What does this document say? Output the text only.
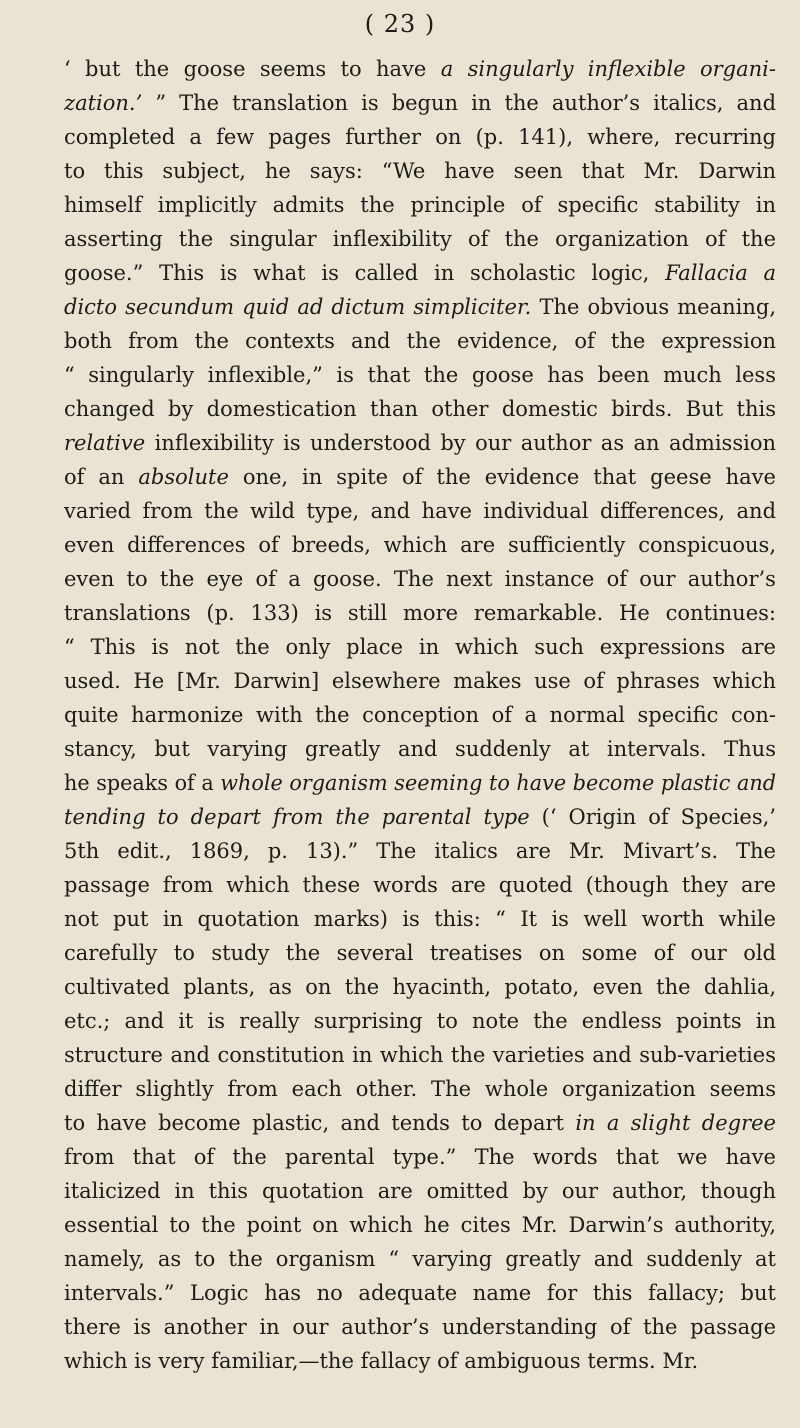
( 23 )
‘ but the goose seems to have a singularly inflexible organi-
zation.’ ” The translation is begun in the author’s italics, and
completed a few pages further on (p. 141), where, recurring
to this subject, he says: “We have seen that Mr. Darwin
himself implicitly admits the principle of specific stability in
asserting the singular inflexibility of the organization of the
goose.” This is what is called in scholastic logic, Fallacia a
dicto secundum quid ad dictum simpliciter. The obvious meaning,
both from the contexts and the evidence, of the expression
“ singularly inflexible,” is that the goose has been much less
changed by domestication than other domestic birds. But this
relative inflexibility is understood by our author as an admission
of an absolute one, in spite of the evidence that geese have
varied from the wild type, and have individual differences, and
even differences of breeds, which are sufficiently conspicuous,
even to the eye of a goose. The next instance of our author’s
translations (p. 133) is still more remarkable. He continues:
“ This is not the only place in which such expressions are
used. He [Mr. Darwin] elsewhere makes use of phrases which
quite harmonize with the conception of a normal specific con-
stancy, but varying greatly and suddenly at intervals. Thus
he speaks of a whole organism seeming to have become plastic and
tending to depart from the parental type (‘ Origin of Species,’
5th edit., 1869, p. 13).” The italics are Mr. Mivart’s. The
passage from which these words are quoted (though they are
not put in quotation marks) is this: “ It is well worth while
carefully to study the several treatises on some of our old
cultivated plants, as on the hyacinth, potato, even the dahlia,
etc.; and it is really surprising to note the endless points in
structure and constitution in which the varieties and sub-varieties
differ slightly from each other. The whole organization seems
to have become plastic, and tends to depart in a slight degree
from that of the parental type.” The words that we have
italicized in this quotation are omitted by our author, though
essential to the point on which he cites Mr. Darwin’s authority,
namely, as to the organism “ varying greatly and suddenly at
intervals.” Logic has no adequate name for this fallacy; but
there is another in our author’s understanding of the passage
which is very familiar,—the fallacy of ambiguous terms. Mr.
